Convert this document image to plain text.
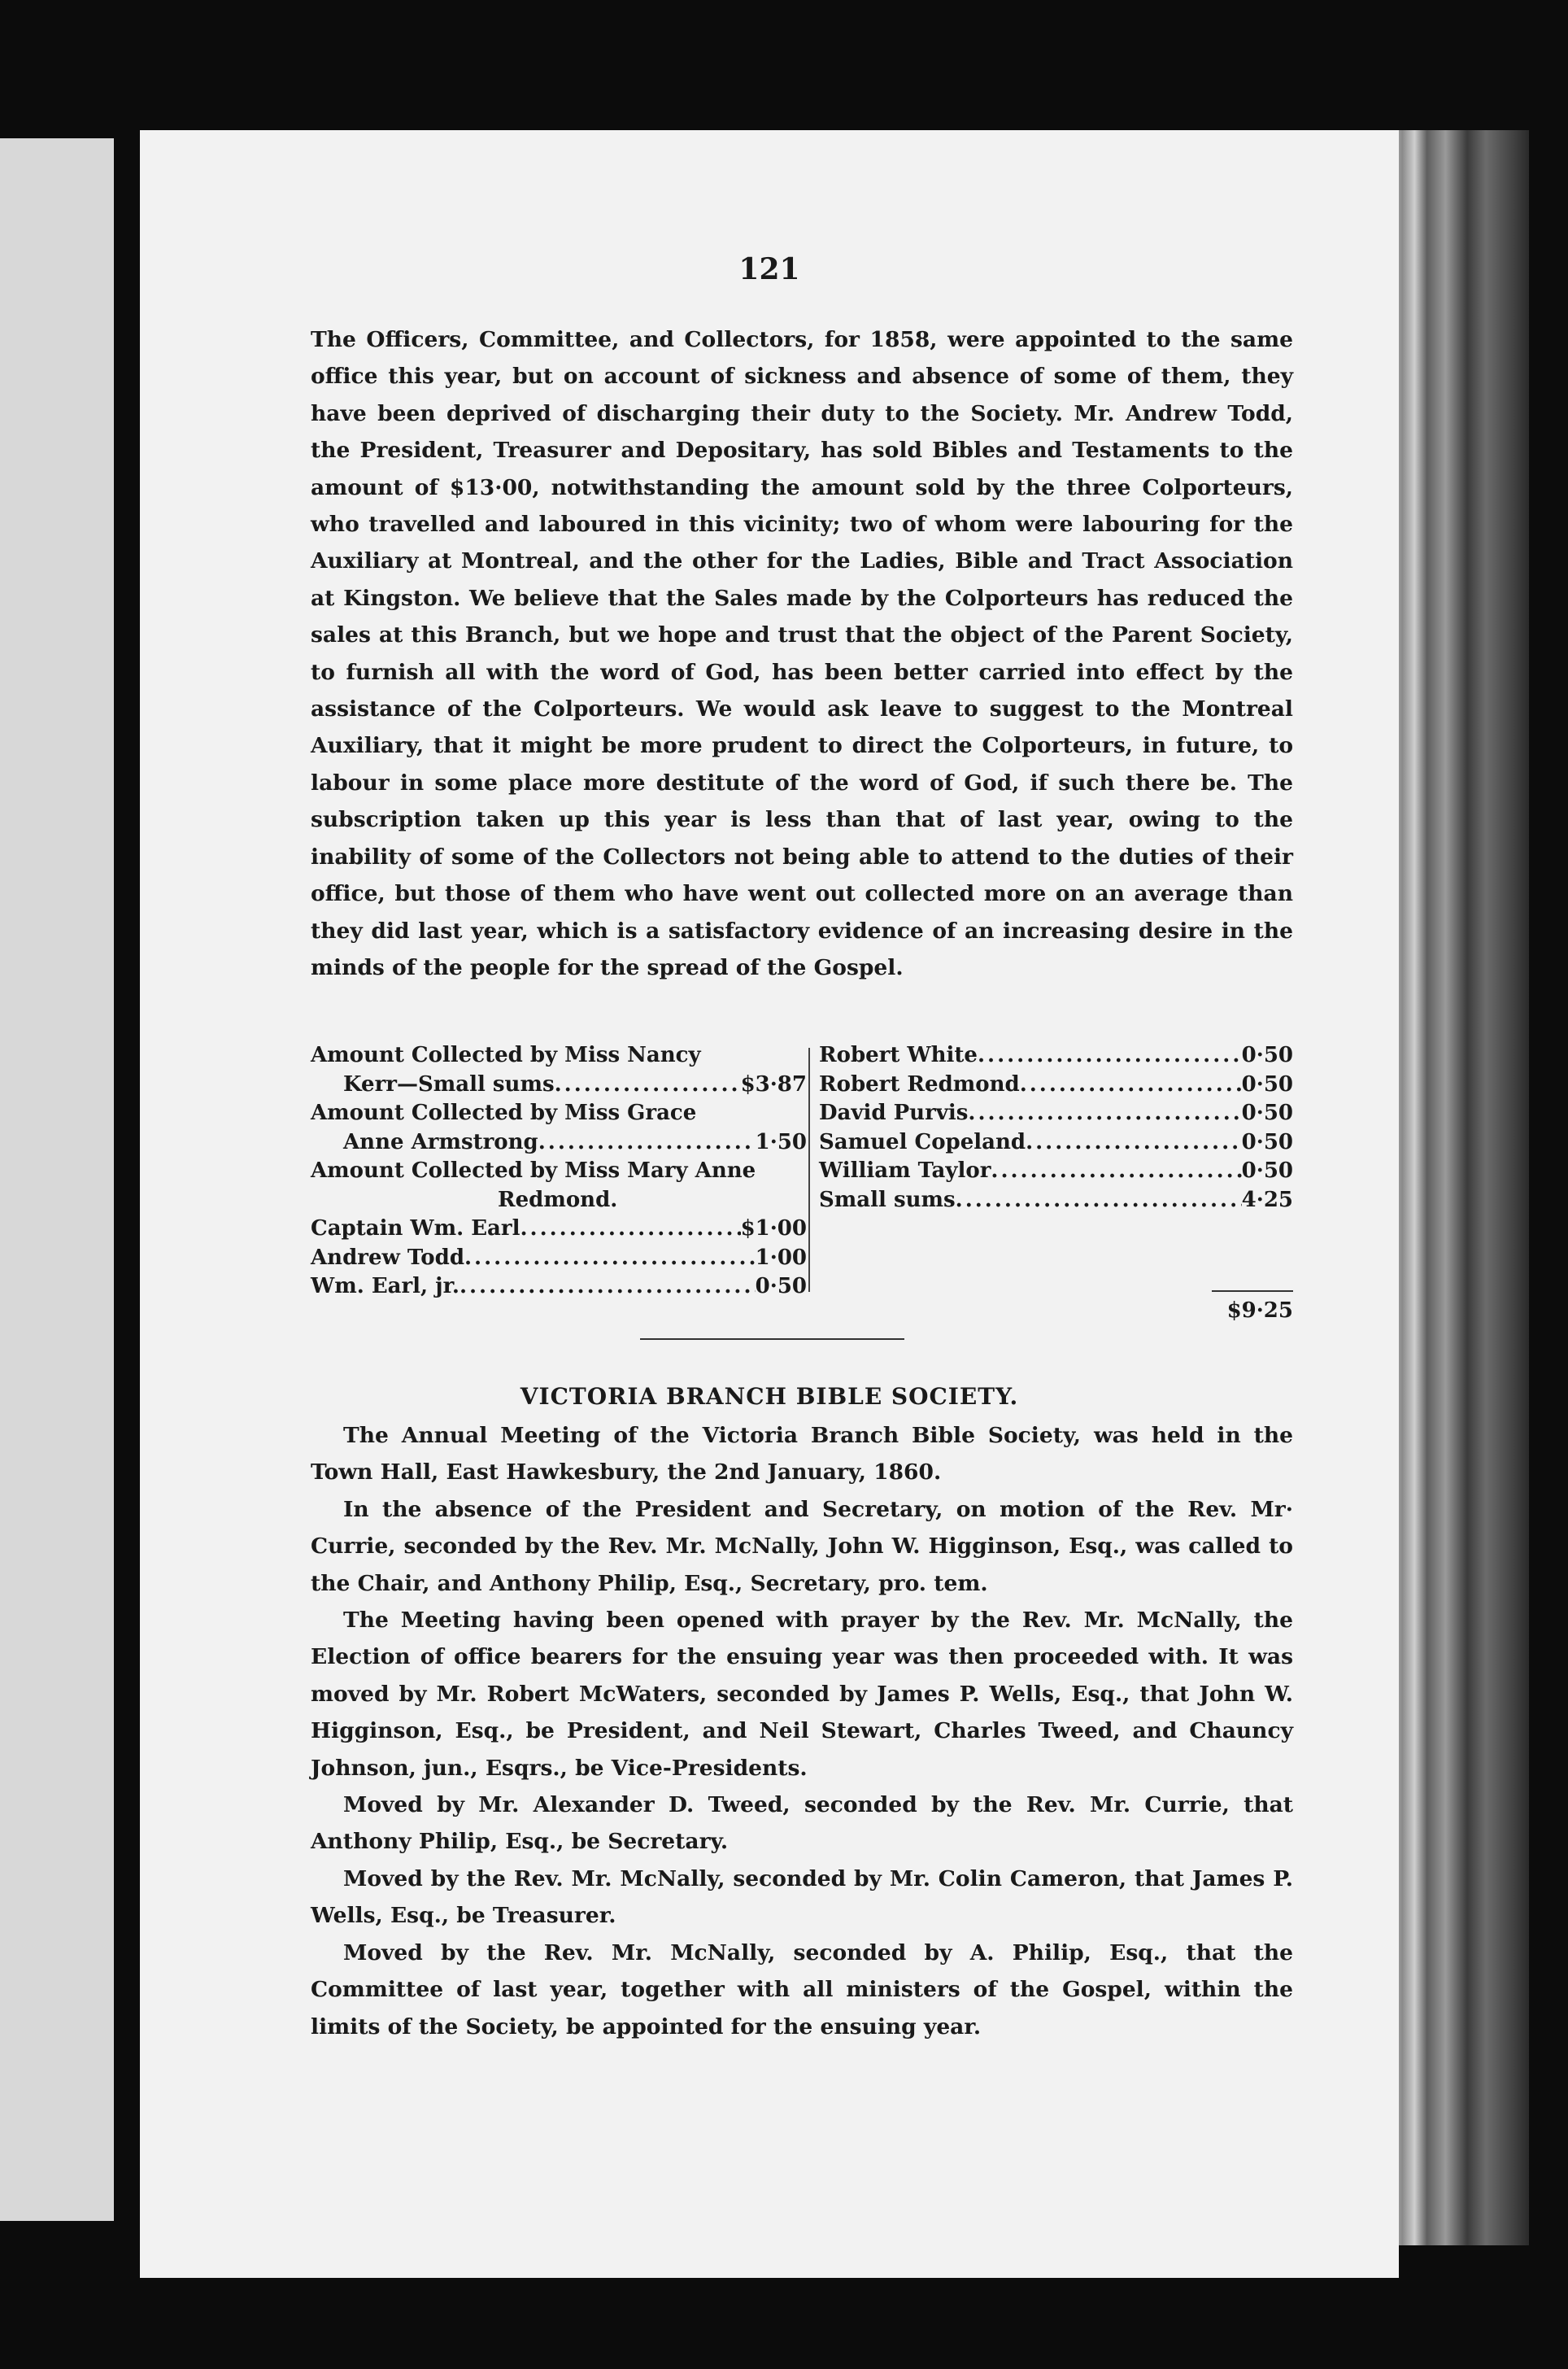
121

The Officers, Committee, and Collectors, for 1858, were appointed to the same office this year, but on account of sickness and absence of some of them, they have been deprived of discharging their duty to the Society. Mr. Andrew Todd, the President, Treasurer and Depositary, has sold Bibles and Testaments to the amount of $13·00, notwithstanding the amount sold by the three Colporteurs, who travelled and laboured in this vicinity; two of whom were labouring for the Auxiliary at Montreal, and the other for the Ladies, Bible and Tract Association at Kingston. We believe that the Sales made by the Colporteurs has reduced the sales at this Branch, but we hope and trust that the object of the Parent Society, to furnish all with the word of God, has been better carried into effect by the assistance of the Colporteurs. We would ask leave to suggest to the Montreal Auxiliary, that it might be more prudent to direct the Colporteurs, in future, to labour in some place more destitute of the word of God, if such there be. The subscription taken up this year is less than that of last year, owing to the inability of some of the Collectors not being able to attend to the duties of their office, but those of them who have went out collected more on an average than they did last year, which is a satisfactory evidence of an increasing desire in the minds of the people for the spread of the Gospel.

Amount Collected by Miss Nancy
Kerr—Small sums .....	$3·87
Amount Collected by Miss Grace
Anne Armstrong .....	1·50
Amount Collected by Miss Mary Anne
Redmond.
Captain Wm. Earl .....	$1·00
Andrew Todd .....	1·00
Wm. Earl, jr. .....	0·50
Robert White .....	0·50
Robert Redmond .....	0·50
David Purvis .....	0·50
Samuel Copeland .....	0·50
William Taylor .....	0·50
Small sums .....	4·25
$9·25
VICTORIA BRANCH BIBLE SOCIETY.

The Annual Meeting of the Victoria Branch Bible Society, was held in the Town Hall, East Hawkesbury, the 2nd January, 1860.

In the absence of the President and Secretary, on motion of the Rev. Mr· Currie, seconded by the Rev. Mr. McNally, John W. Higginson, Esq., was called to the Chair, and Anthony Philip, Esq., Secretary, pro. tem.

The Meeting having been opened with prayer by the Rev. Mr. McNally, the Election of office bearers for the ensuing year was then proceeded with. It was moved by Mr. Robert McWaters, seconded by James P. Wells, Esq., that John W. Higginson, Esq., be President, and Neil Stewart, Charles Tweed, and Chauncy Johnson, jun., Esqrs., be Vice-Presidents.

Moved by Mr. Alexander D. Tweed, seconded by the Rev. Mr. Currie, that Anthony Philip, Esq., be Secretary.

Moved by the Rev. Mr. McNally, seconded by Mr. Colin Cameron, that James P. Wells, Esq., be Treasurer.

Moved by the Rev. Mr. McNally, seconded by A. Philip, Esq., that the Committee of last year, together with all ministers of the Gospel, within the limits of the Society, be appointed for the ensuing year.
